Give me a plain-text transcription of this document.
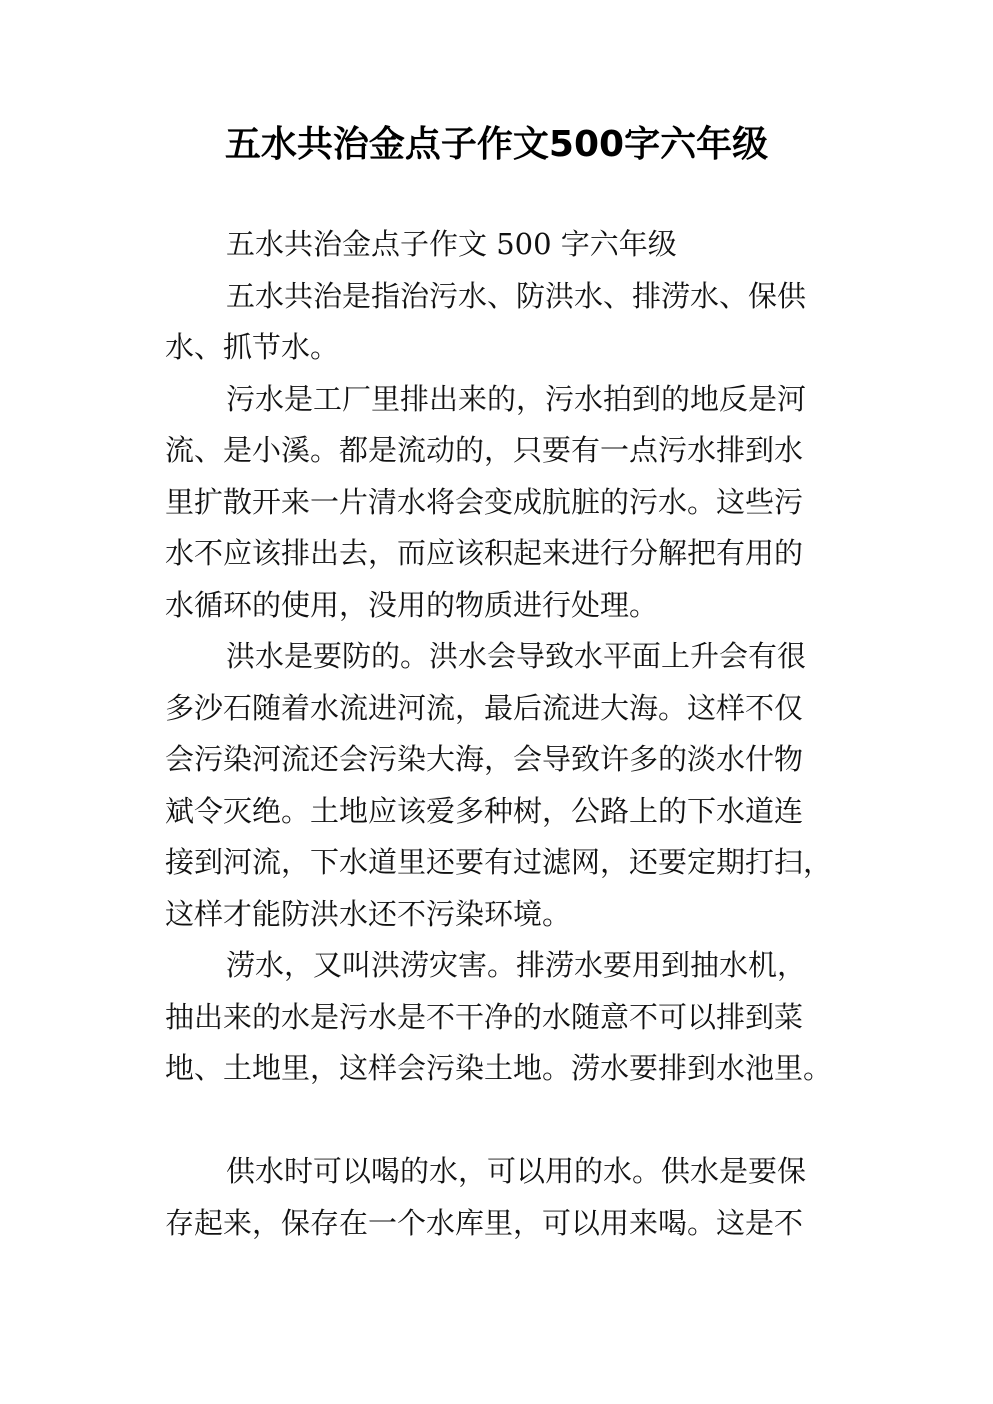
五水共治金点子作文500字六年级
五水共治金点子作文 500 字六年级
五水共治是指治污水、防洪水、排涝水、保供
水、抓节水。
污水是工厂里排出来的，污水拍到的地反是河
流、是小溪。都是流动的，只要有一点污水排到水
里扩散开来一片清水将会变成肮脏的污水。这些污
水不应该排出去，而应该积起来进行分解把有用的
水循环的使用，没用的物质进行处理。
洪水是要防的。洪水会导致水平面上升会有很
多沙石随着水流进河流，最后流进大海。这样不仅
会污染河流还会污染大海，会导致许多的淡水什物
斌令灭绝。土地应该爱多种树，公路上的下水道连
接到河流，下水道里还要有过滤网，还要定期打扫，
这样才能防洪水还不污染环境。
涝水，又叫洪涝灾害。排涝水要用到抽水机，
抽出来的水是污水是不干净的水随意不可以排到菜
地、土地里，这样会污染土地。涝水要排到水池里。
供水时可以喝的水，可以用的水。供水是要保
存起来，保存在一个水库里，可以用来喝。这是不
